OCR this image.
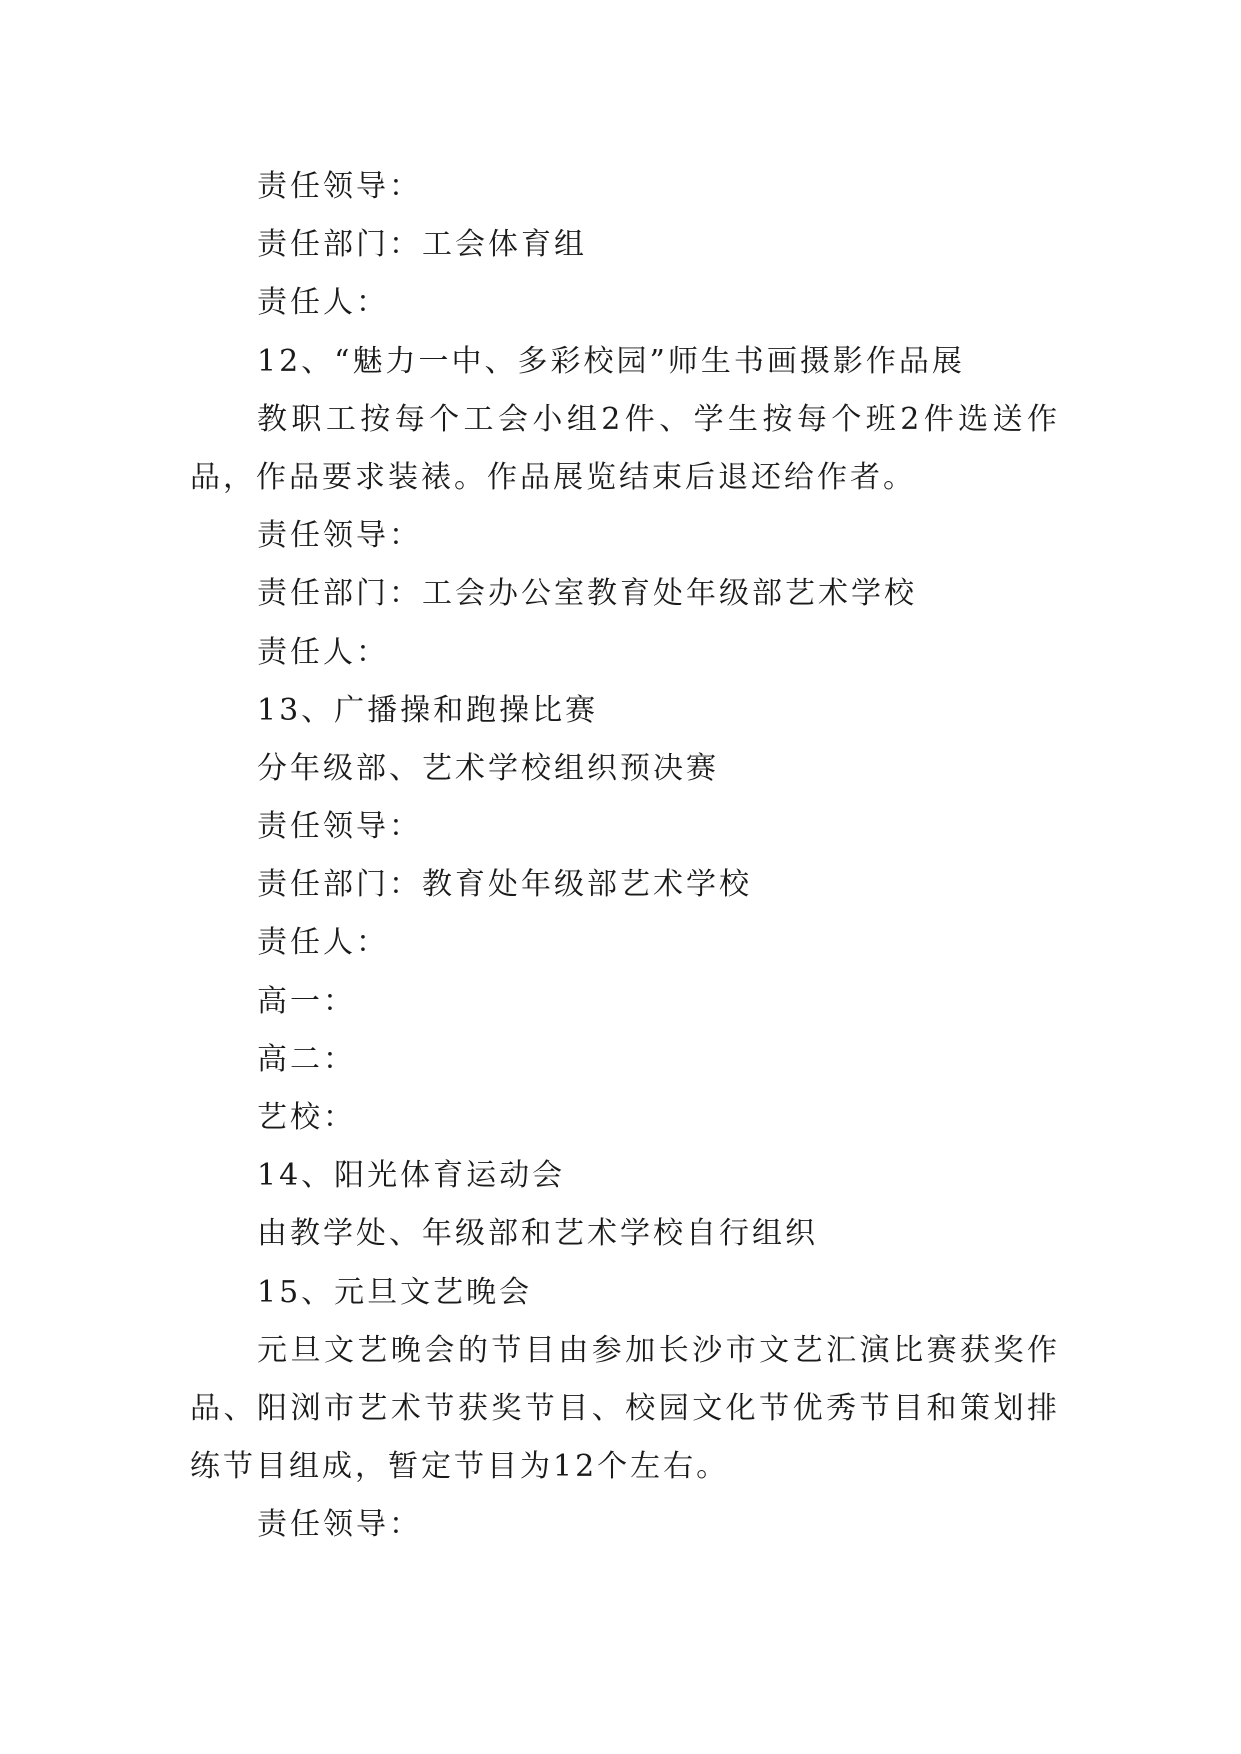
责任领导：
责任部门：工会体育组
责任人：
12、“魅力一中、多彩校园”师生书画摄影作品展
教职工按每个工会小组2件、学生按每个班2件选送作品，作品要求装裱。作品展览结束后退还给作者。
责任领导：
责任部门：工会办公室教育处年级部艺术学校
责任人：
13、广播操和跑操比赛
分年级部、艺术学校组织预决赛
责任领导：
责任部门：教育处年级部艺术学校
责任人：
高一：
高二：
艺校：
14、阳光体育运动会
由教学处、年级部和艺术学校自行组织
15、元旦文艺晚会
元旦文艺晚会的节目由参加长沙市文艺汇演比赛获奖作品、阳浏市艺术节获奖节目、校园文化节优秀节目和策划排练节目组成，暂定节目为12个左右。
责任领导：
